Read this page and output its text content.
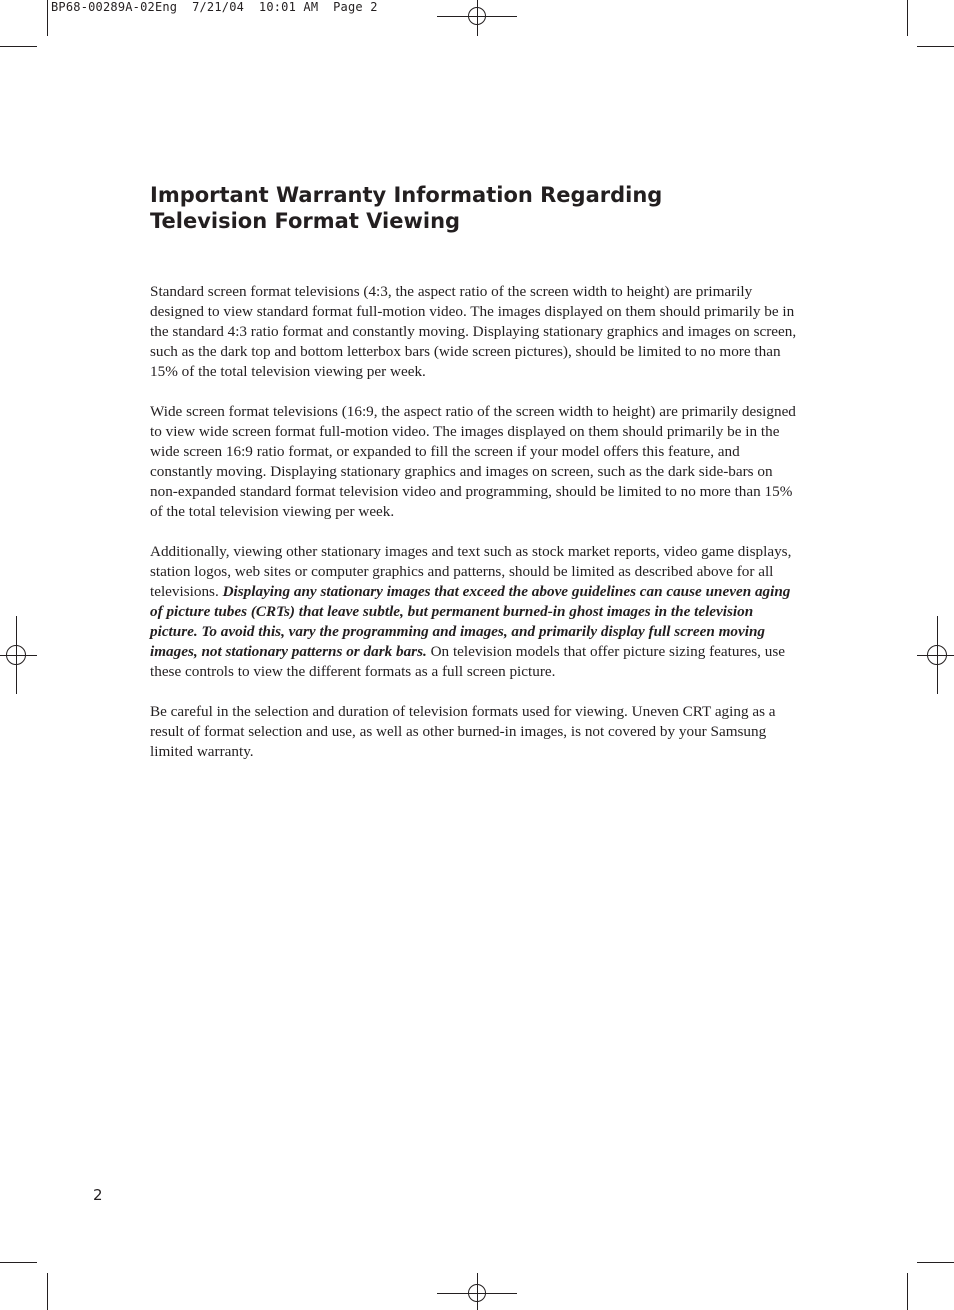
BP68-00289A-02Eng  7/21/04  10:01 AM  Page 2
Important Warranty Information Regarding
Television Format Viewing

Standard screen format televisions (4:3, the aspect ratio of the screen width to height) are primarily designed to view standard format full-motion video. The images displayed on them should primarily be in the standard 4:3 ratio format and constantly moving. Displaying stationary graphics and images on screen, such as the dark top and bottom letterbox bars (wide screen pictures), should be limited to no more than 15% of the total television viewing per week.

Wide screen format televisions (16:9, the aspect ratio of the screen width to height) are primarily designed to view wide screen format full-motion video. The images displayed on them should primarily be in the wide screen 16:9 ratio format, or expanded to fill the screen if your model offers this feature, and constantly moving. Displaying stationary graphics and images on screen, such as the dark side-bars on non-expanded standard format television video and programming, should be limited to no more than 15% of the total television viewing per week.

Additionally, viewing other stationary images and text such as stock market reports, video game displays, station logos, web sites or computer graphics and patterns, should be limited as described above for all televisions. Displaying any stationary images that exceed the above guidelines can cause uneven aging of picture tubes (CRTs) that leave subtle, but permanent burned-in ghost images in the television picture. To avoid this, vary the programming and images, and primarily display full screen moving images, not stationary patterns or dark bars. On television models that offer picture sizing features, use these controls to view the different formats as a full screen picture.

Be careful in the selection and duration of television formats used for viewing. Uneven CRT aging as a result of format selection and use, as well as other burned-in images, is not covered by your Samsung limited warranty.

2
